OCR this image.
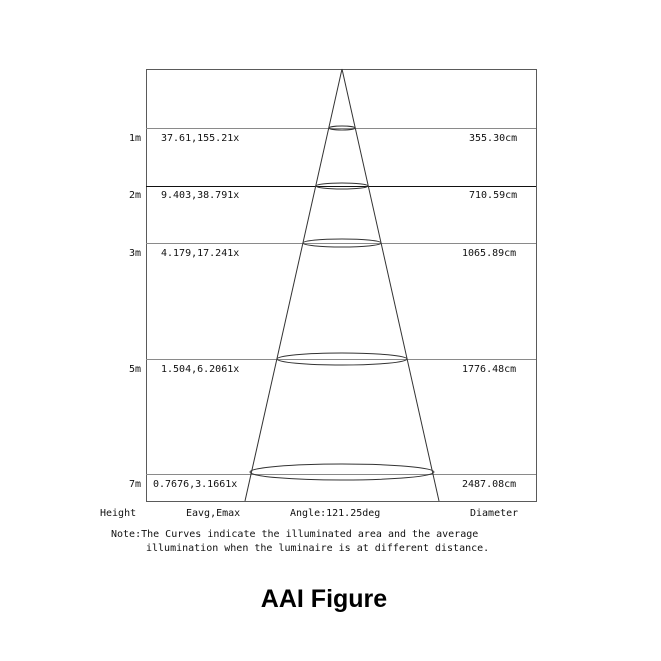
1m 37.61,155.21x	355.30cm
2m 9.403,38.791x	710.59cm
3m 4.179,17.241x	1065.89cm
5m 1.504,6.2061x	1776.48cm
7m 0.7676,3.1661x	2487.08cm
Height	Eavg,Emax	Angle:121.25deg	Diameter
Note:The Curves indicate the illuminated area and the average
illumination when the luminaire is at different distance.
AAI Figure
